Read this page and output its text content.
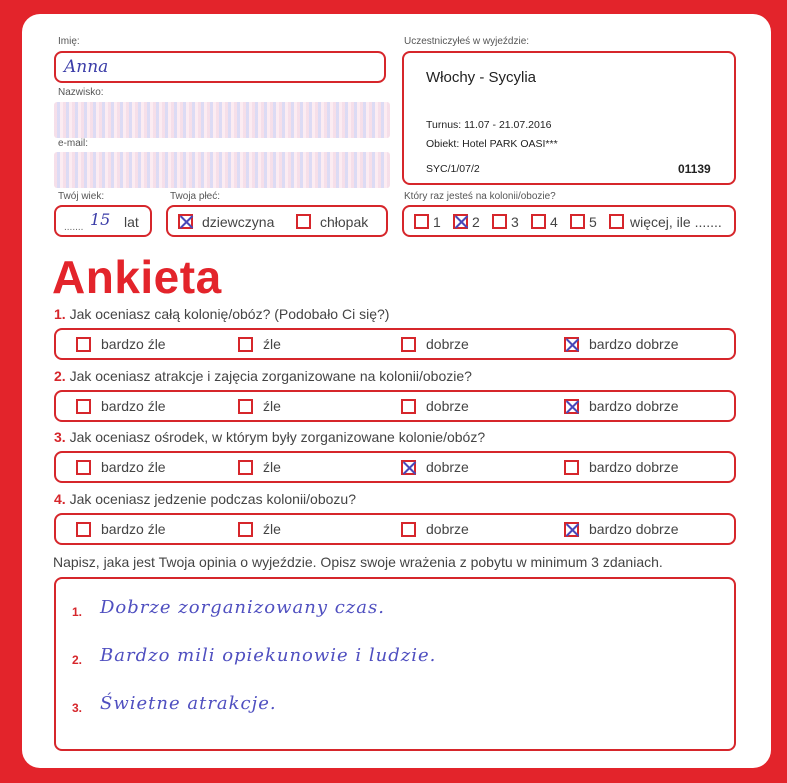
Imię:
Anna
Nazwisko:
e-mail:
Twój wiek:
....... 15 lat
Twoja płeć:
dziewczyna	chłopak
Uczestniczyłeś w wyjeździe:
Włochy - Sycylia
Turnus: 11.07 - 21.07.2016
Obiekt: Hotel PARK OASI***
SYC/1/07/2	01139
Który raz jesteś na kolonii/obozie?
1 2 3 4 5 więcej, ile .......
Ankieta
1. Jak oceniasz całą kolonię/obóz? (Podobało Ci się?)
bardzo źle	źle	dobrze	bardzo dobrze
2. Jak oceniasz atrakcje i zajęcia zorganizowane na kolonii/obozie?
bardzo źle	źle	dobrze	bardzo dobrze
3. Jak oceniasz ośrodek, w którym były zorganizowane kolonie/obóz?
bardzo źle	źle	dobrze	bardzo dobrze
4. Jak oceniasz jedzenie podczas kolonii/obozu?
bardzo źle	źle	dobrze	bardzo dobrze
Napisz, jaka jest Twoja opinia o wyjeździe. Opisz swoje wrażenia z pobytu w minimum 3 zdaniach.
1. Dobrze zorganizowany czas.
2. Bardzo mili opiekunowie i ludzie.
3. Świetne atrakcje.
